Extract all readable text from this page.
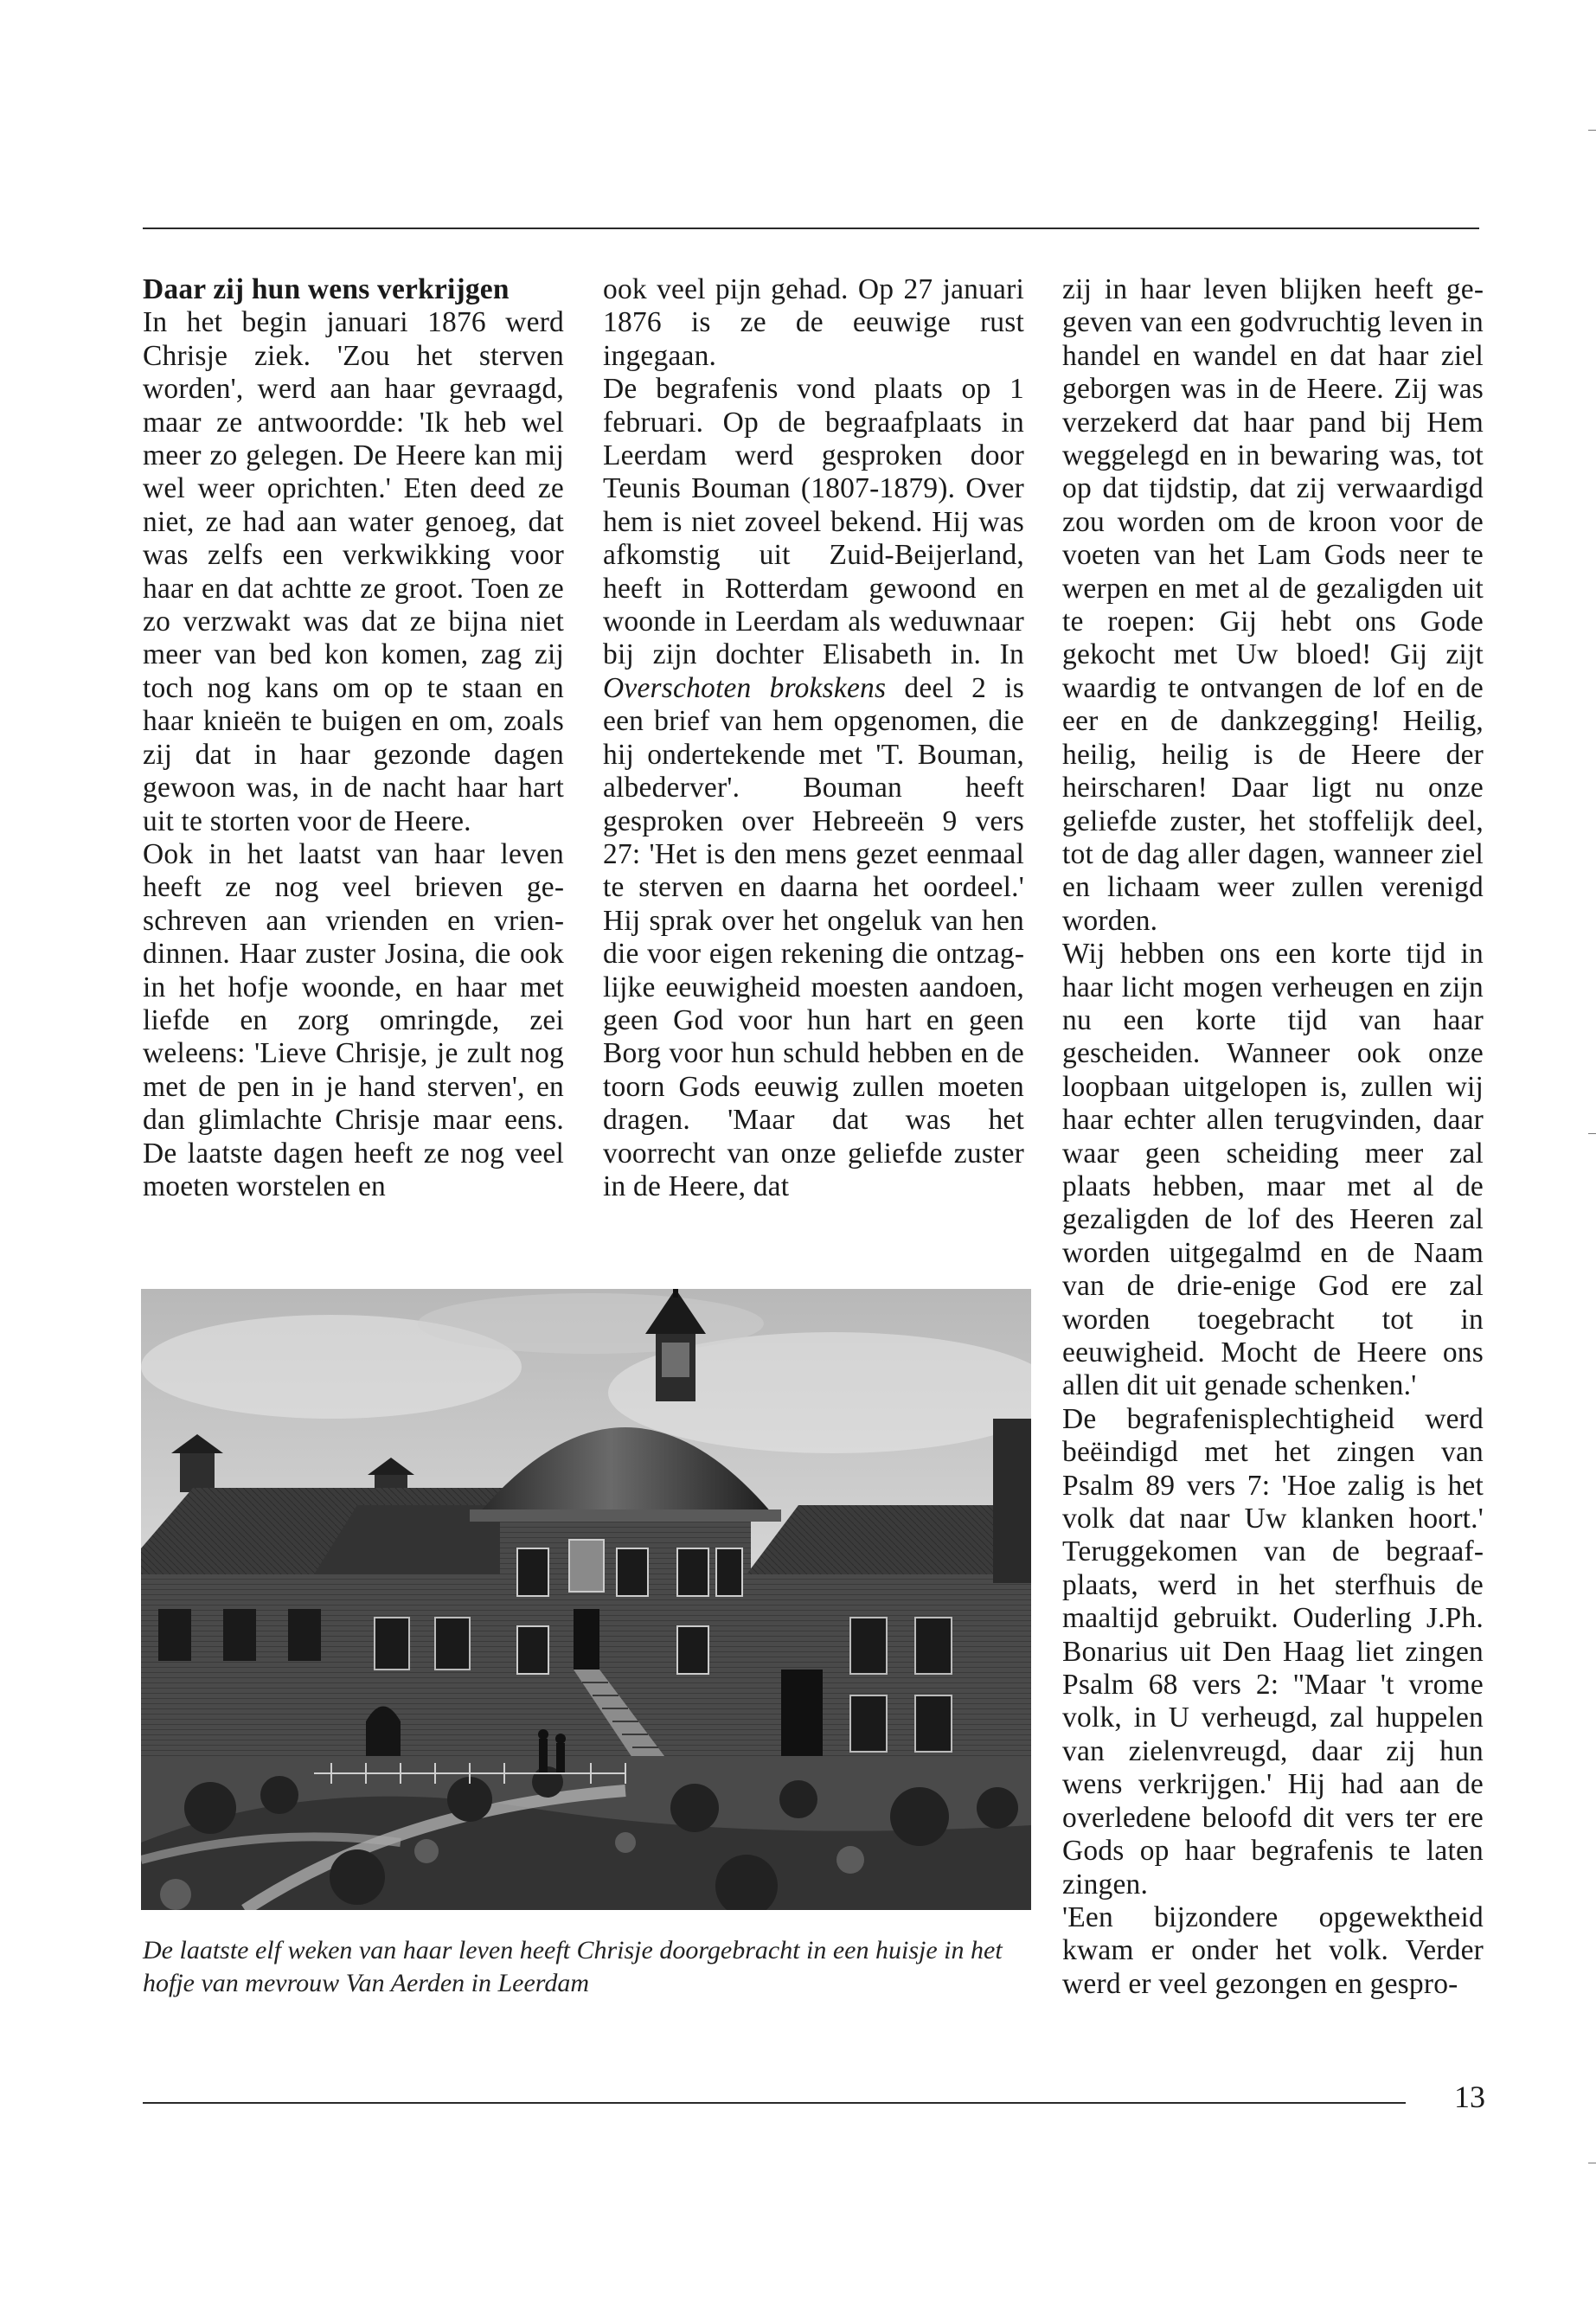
Daar zij hun wens verkrijgen

In het begin januari 1876 werd Chrisje ziek. 'Zou het sterven worden', werd aan haar gevraagd, maar ze antwoordde: 'Ik heb wel meer zo gelegen. De Heere kan mij wel weer oprichten.' Eten deed ze niet, ze had aan water genoeg, dat was zelfs een verkwikking voor haar en dat achtte ze groot. Toen ze zo verzwakt was dat ze bijna niet meer van bed kon komen, zag zij toch nog kans om op te staan en haar knieën te buigen en om, zoals zij dat in haar gezonde dagen gewoon was, in de nacht haar hart uit te storten voor de Heere.

Ook in het laatst van haar leven heeft ze nog veel brieven geschreven aan vrienden en vriendinnen. Haar zuster Josina, die ook in het hofje woonde, en haar met liefde en zorg omringde, zei weleens: 'Lieve Chrisje, je zult nog met de pen in je hand sterven', en dan glimlachte Chrisje maar eens. De laatste dagen heeft ze nog veel moeten worstelen en

ook veel pijn gehad. Op 27 januari 1876 is ze de eeuwige rust ingegaan.

De begrafenis vond plaats op 1 februari. Op de begraafplaats in Leerdam werd gesproken door Teunis Bouman (1807-1879). Over hem is niet zoveel bekend. Hij was afkomstig uit Zuid-Beijerland, heeft in Rotterdam gewoond en woonde in Leerdam als weduwnaar bij zijn dochter Elisabeth in. In Overschoten brokskens deel 2 is een brief van hem opgenomen, die hij ondertekende met 'T. Bouman, albederver'. Bouman heeft gesproken over Hebreeën 9 vers 27: 'Het is den mens gezet eenmaal te sterven en daarna het oordeel.' Hij sprak over het ongeluk van hen die voor eigen rekening die ontzaglijke eeuwigheid moesten aandoen, geen God voor hun hart en geen Borg voor hun schuld hebben en de toorn Gods eeuwig zullen moeten dragen. 'Maar dat was het voorrecht van onze geliefde zuster in de Heere, dat

zij in haar leven blijken heeft gegeven van een godvruchtig leven in handel en wandel en dat haar ziel geborgen was in de Heere. Zij was verzekerd dat haar pand bij Hem weggelegd en in bewaring was, tot op dat tijdstip, dat zij verwaardigd zou worden om de kroon voor de voeten van het Lam Gods neer te werpen en met al de gezaligden uit te roepen: Gij hebt ons Gode gekocht met Uw bloed! Gij zijt waardig te ontvangen de lof en de eer en de dankzegging! Heilig, heilig, heilig is de Heere der heirscharen! Daar ligt nu onze geliefde zuster, het stoffelijk deel, tot de dag aller dagen, wanneer ziel en lichaam weer zullen verenigd worden.

Wij hebben ons een korte tijd in haar licht mogen verheugen en zijn nu een korte tijd van haar gescheiden. Wanneer ook onze loopbaan uitgelopen is, zullen wij haar echter allen terugvinden, daar waar geen scheiding meer zal plaats hebben, maar met al de gezaligden de lof des Heeren zal worden uitgegalmd en de Naam van de drie-enige God ere zal worden toegebracht tot in eeuwigheid. Mocht de Heere ons allen dit uit genade schenken.'

De begrafenisplechtigheid werd beëindigd met het zingen van Psalm 89 vers 7: 'Hoe zalig is het volk dat naar Uw klanken hoort.' Teruggekomen van de begraafplaats, werd in het sterfhuis de maaltijd gebruikt. Ouderling J.Ph. Bonarius uit Den Haag liet zingen Psalm 68 vers 2: ''Maar 't vrome volk, in U verheugd, zal huppelen van zielenvreugd, daar zij hun wens verkrijgen.' Hij had aan de overledene beloofd dit vers ter ere Gods op haar begrafenis te laten zingen.

'Een bijzondere opgewektheid kwam er onder het volk. Verder werd er veel gezongen en gespro-

De laatste elf weken van haar leven heeft Chrisje doorgebracht in een huisje in het hofje van mevrouw Van Aerden in Leerdam

13
